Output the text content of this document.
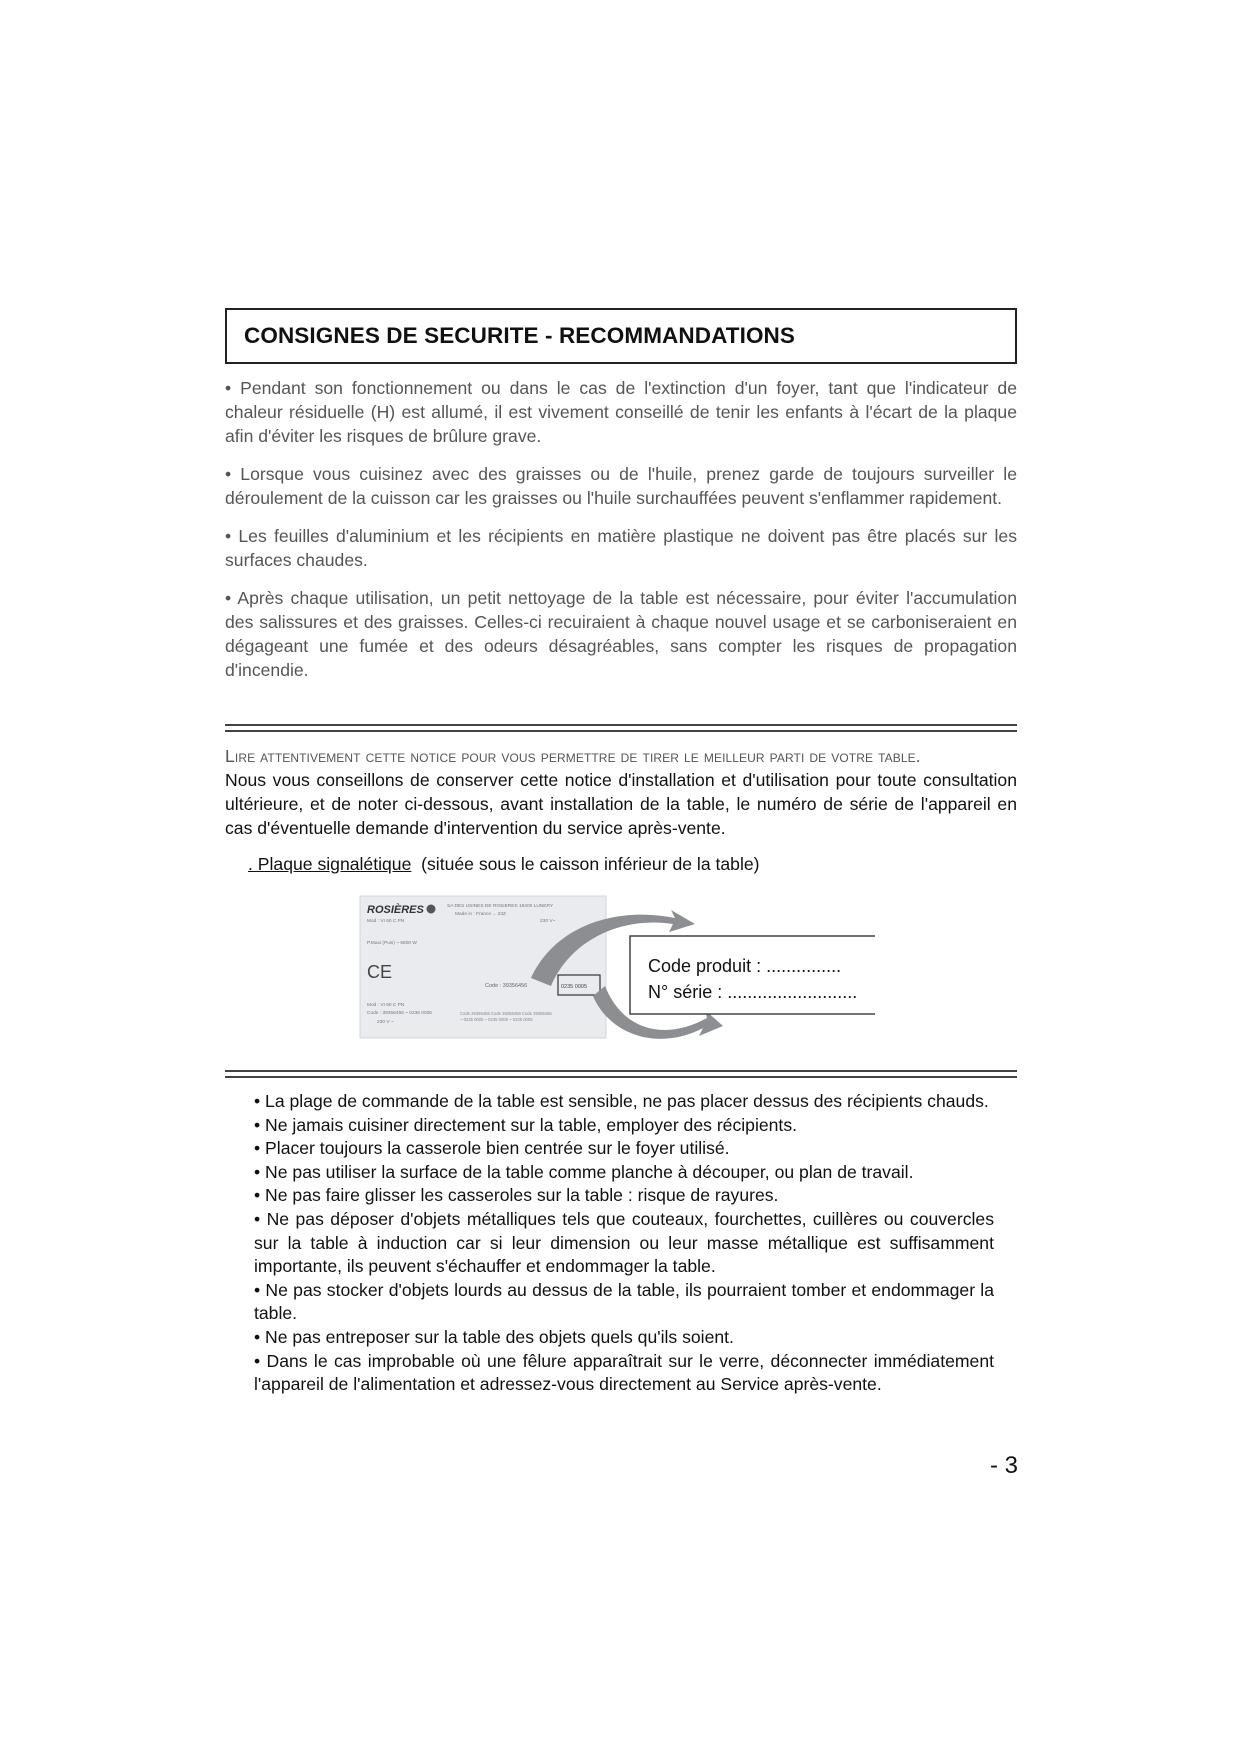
CONSIGNES DE SECURITE - RECOMMANDATIONS

• Pendant son fonctionnement ou dans le cas de l'extinction d'un foyer, tant que l'indicateur de chaleur résiduelle (H) est allumé, il est vivement conseillé de tenir les enfants à l'écart de la plaque afin d'éviter les risques de brûlure grave.

• Lorsque vous cuisinez avec des graisses ou de l'huile, prenez garde de toujours surveiller le déroulement de la cuisson car les graisses ou l'huile surchauffées peuvent s'enflammer rapidement.

• Les feuilles d'aluminium et les récipients en matière plastique ne doivent pas être placés sur les surfaces chaudes.

• Après chaque utilisation, un petit nettoyage de la table est nécessaire, pour éviter l'accumulation des salissures et des graisses. Celles-ci recuiraient à chaque nouvel usage et se carboniseraient en dégageant une fumée et des odeurs désagréables, sans compter les risques de propagation d'incendie.

Lire attentivement cette notice pour vous permettre de tirer le meilleur parti de votre table.

Nous vous conseillons de conserver cette notice d'installation et d'utilisation pour toute consultation ultérieure, et de noter ci-dessous, avant installation de la table, le numéro de série de l'appareil en cas d'éventuelle demande d'intervention du service après-vente.

. Plaque signalétique (située sous le caisson inférieur de la table)
ROSIÈRES	SA DES USINES DE ROSIERES 18400 LUNERY
Made in : France ... 23Z
230 V~
Mod : VI 60 C PN
P.Maxi (Puis) ~ 6800 W
CE
Code : 39356456	0235 0005
Mod : VI 60 C PN
Code : 39356456 ~ 0235 0005
230 V ~
Code 39356456 Code 39356456 Code 39356456
~ 0235 0005 ~ 0235 0005 ~ 0235 0005
Code produit : ...............
N° série : ..........................
• La plage de commande de la table est sensible, ne pas placer dessus des récipients chauds.
• Ne jamais cuisiner directement sur la table, employer des récipients.
• Placer toujours la casserole bien centrée sur le foyer utilisé.
• Ne pas utiliser la surface de la table comme planche à découper, ou plan de travail.
• Ne pas faire glisser les casseroles sur la table : risque de rayures.
• Ne pas déposer d'objets métalliques tels que couteaux, fourchettes, cuillères ou couvercles sur la table à induction car si leur dimension ou leur masse métallique est suffisamment importante, ils peuvent s'échauffer et endommager la table.
• Ne pas stocker d'objets lourds au dessus de la table, ils pourraient tomber et endommager la table.
• Ne pas entreposer sur la table des objets quels qu'ils soient.
• Dans le cas improbable où une fêlure apparaîtrait sur le verre, déconnecter immédiatement l'appareil de l'alimentation et adressez-vous directement au Service après-vente.
- 3
